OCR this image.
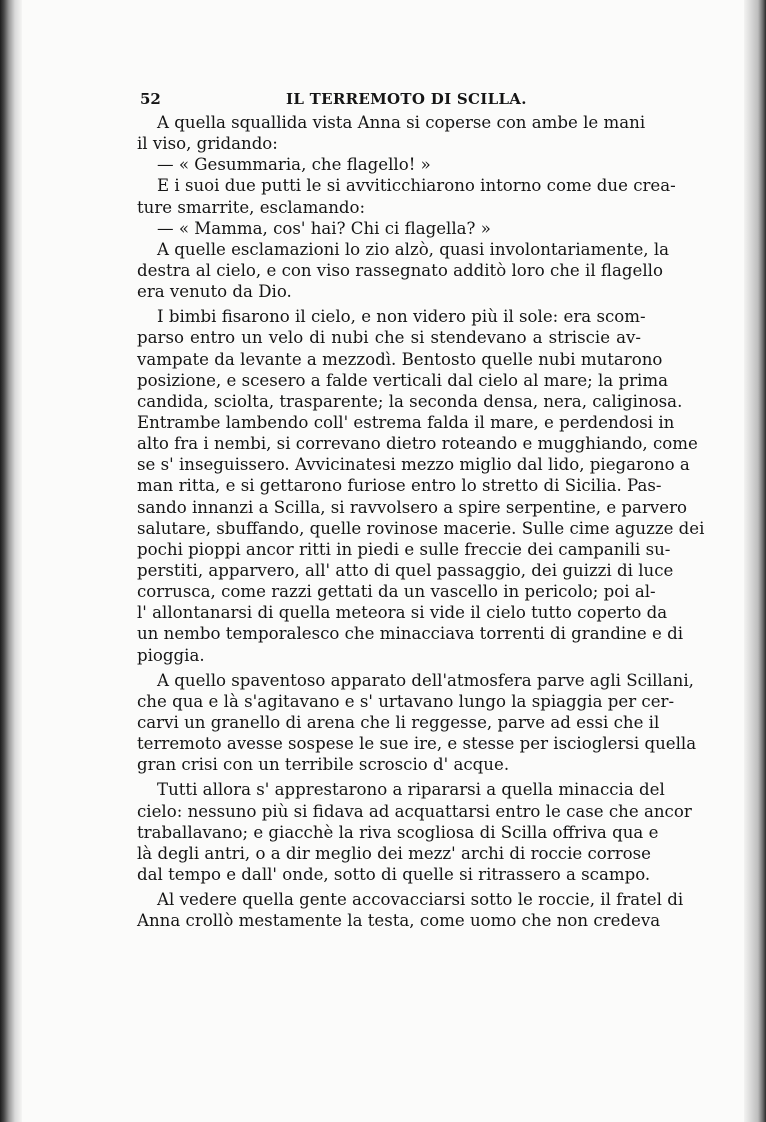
52	IL TERREMOTO DI SCILLA.
A quella squallida vista Anna si coperse con ambe le mani
il viso, gridando:
— « Gesummaria, che flagello! »
E i suoi due putti le si avviticchiarono intorno come due crea-
ture smarrite, esclamando:
— « Mamma, cos' hai? Chi ci flagella? »
A quelle esclamazioni lo zio alzò, quasi involontariamente, la
destra al cielo, e con viso rassegnato additò loro che il flagello
era venuto da Dio.
I bimbi fisarono il cielo, e non videro più il sole: era scom-
parso entro un velo di nubi che si stendevano a striscie av-
vampate da levante a mezzodì. Bentosto quelle nubi mutarono
posizione, e scesero a falde verticali dal cielo al mare; la prima
candida, sciolta, trasparente; la seconda densa, nera, caliginosa.
Entrambe lambendo coll' estrema falda il mare, e perdendosi in
alto fra i nembi, si correvano dietro roteando e mugghiando, come
se s' inseguissero. Avvicinatesi mezzo miglio dal lido, piegarono a
man ritta, e si gettarono furiose entro lo stretto di Sicilia. Pas-
sando innanzi a Scilla, si ravvolsero a spire serpentine, e parvero
salutare, sbuffando, quelle rovinose macerie. Sulle cime aguzze dei
pochi pioppi ancor ritti in piedi e sulle freccie dei campanili su-
perstiti, apparvero, all' atto di quel passaggio, dei guizzi di luce
corrusca, come razzi gettati da un vascello in pericolo; poi al-
l' allontanarsi di quella meteora si vide il cielo tutto coperto da
un nembo temporalesco che minacciava torrenti di grandine e di
pioggia.
A quello spaventoso apparato dell'atmosfera parve agli Scillani,
che qua e là s'agitavano e s' urtavano lungo la spiaggia per cer-
carvi un granello di arena che li reggesse, parve ad essi che il
terremoto avesse sospese le sue ire, e stesse per iscioglersi quella
gran crisi con un terribile scroscio d' acque.
Tutti allora s' apprestarono a ripararsi a quella minaccia del
cielo: nessuno più si fidava ad acquattarsi entro le case che ancor
traballavano; e giacchè la riva scogliosa di Scilla offriva qua e
là degli antri, o a dir meglio dei mezz' archi di roccie corrose
dal tempo e dall' onde, sotto di quelle si ritrassero a scampo.
Al vedere quella gente accovacciarsi sotto le roccie, il fratel di
Anna crollò mestamente la testa, come uomo che non credeva
